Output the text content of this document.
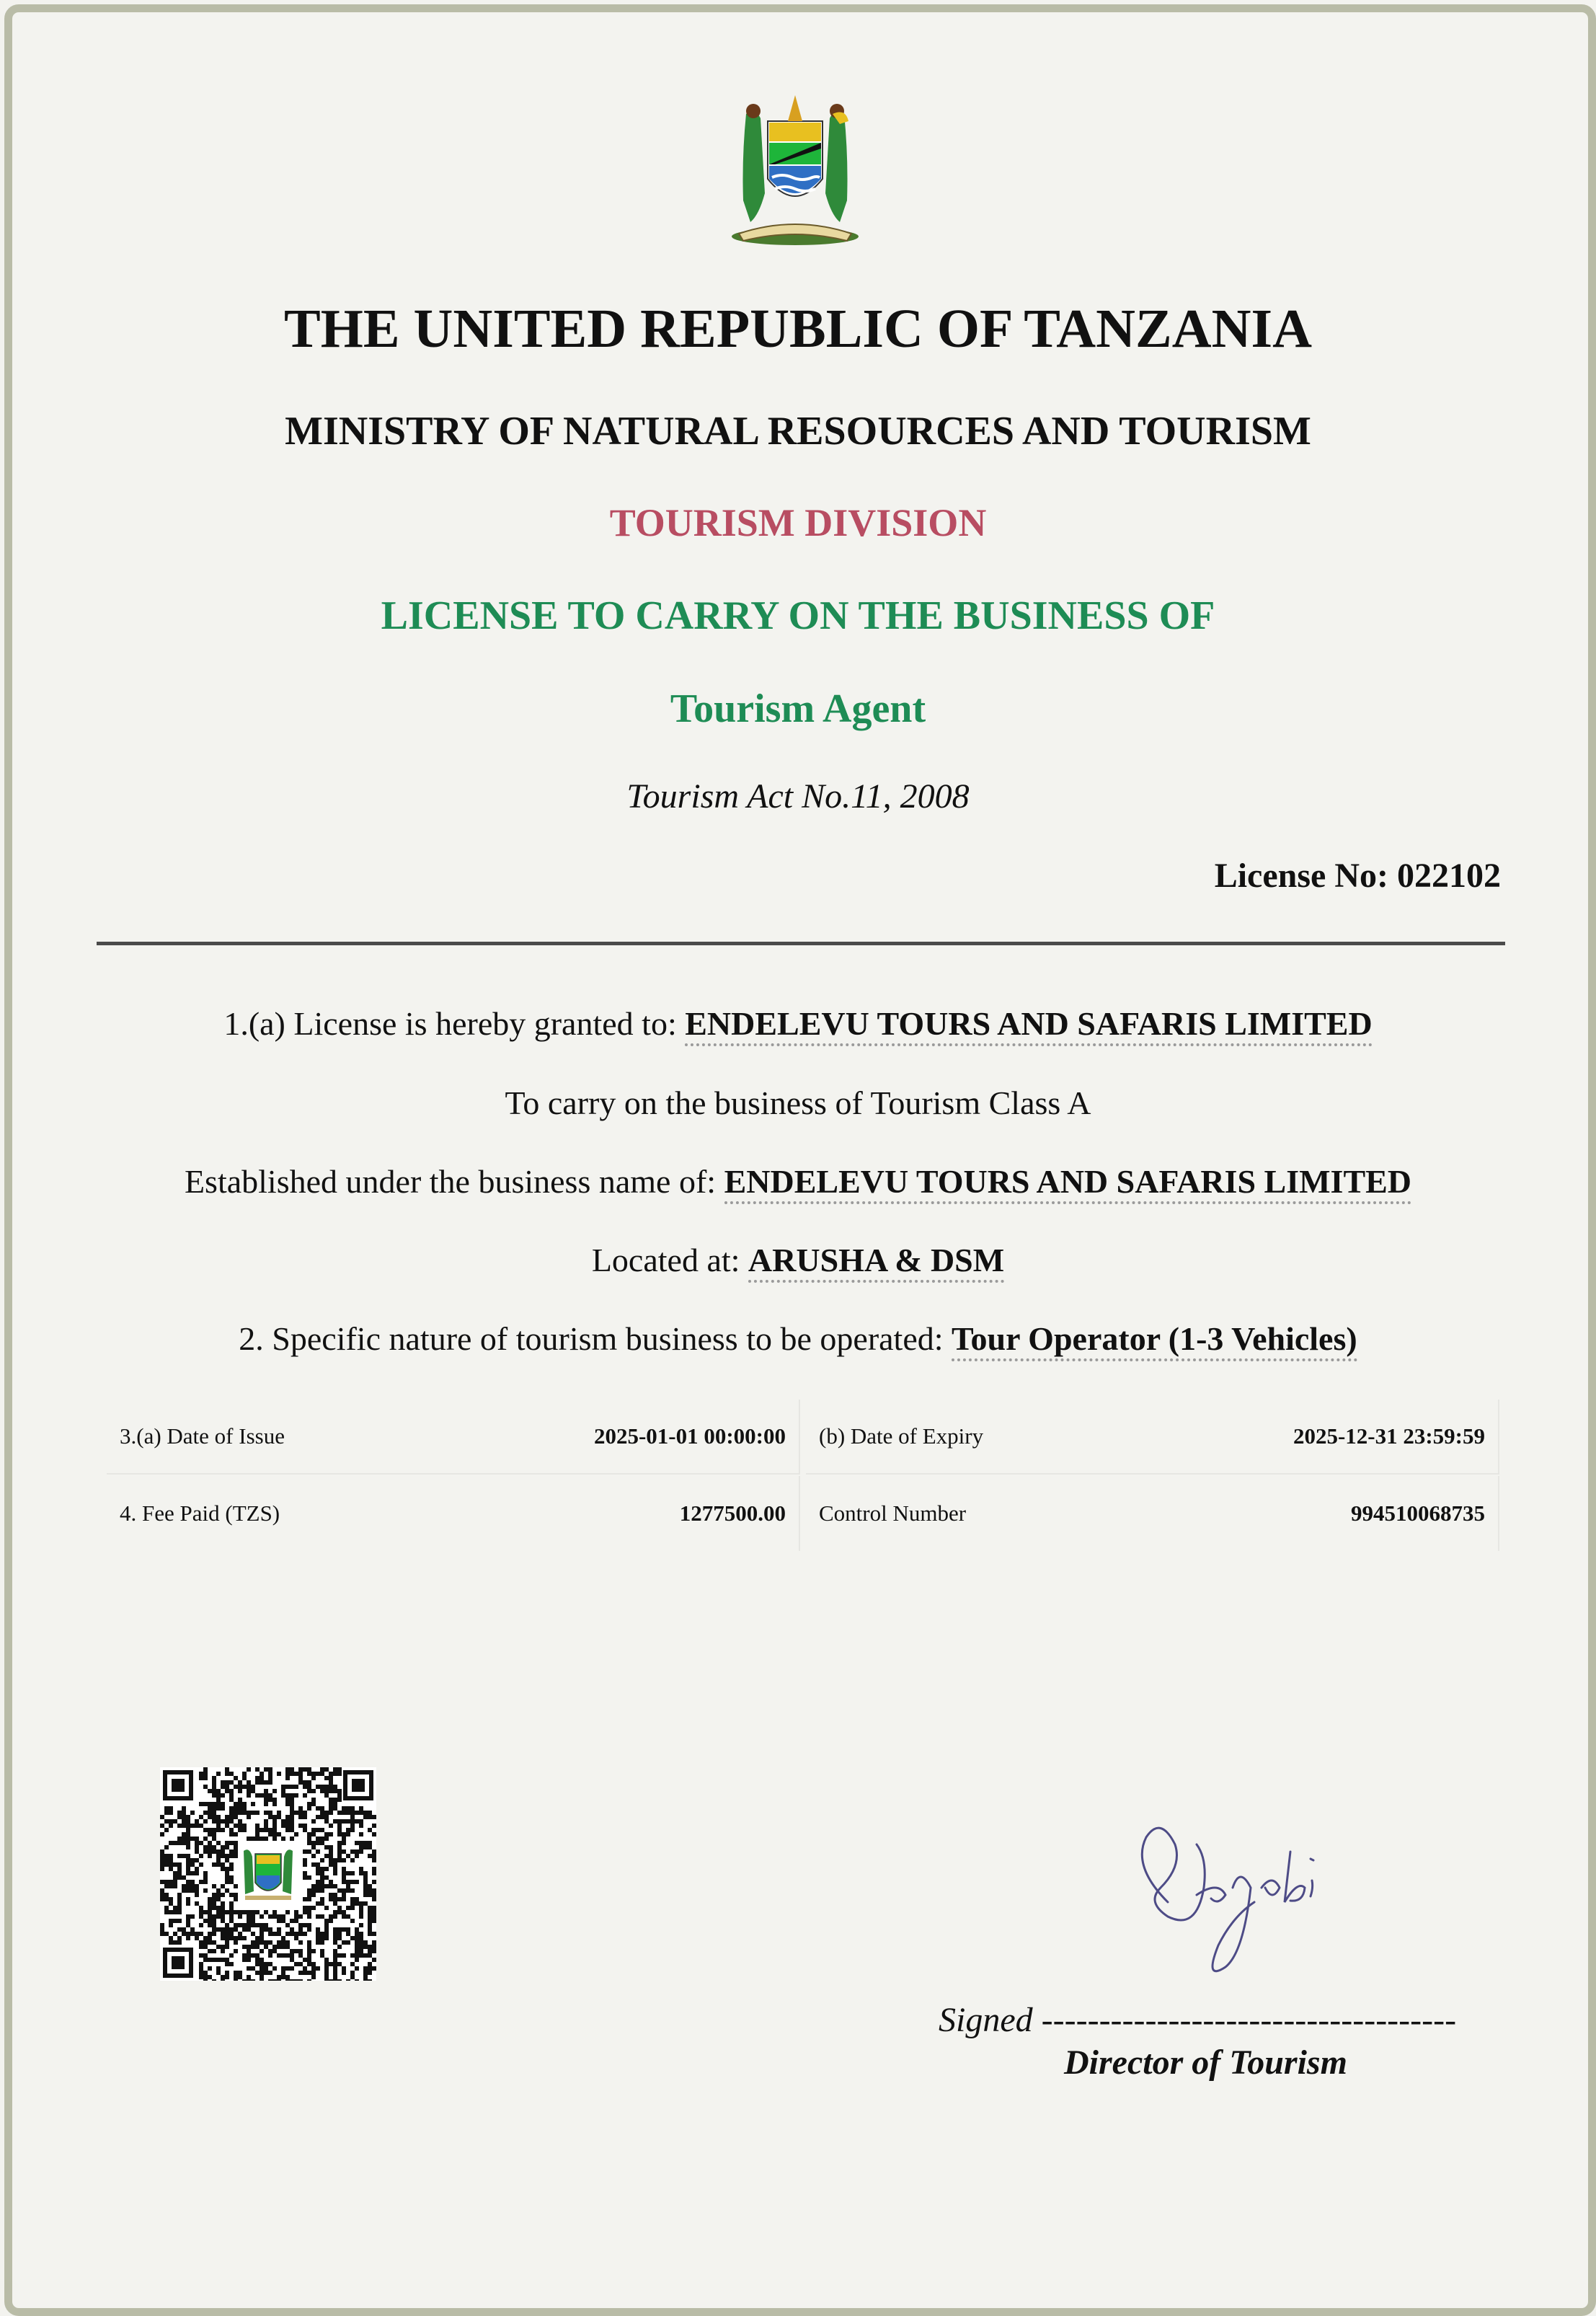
THE UNITED REPUBLIC OF TANZANIA
MINISTRY OF NATURAL RESOURCES AND TOURISM
TOURISM DIVISION
LICENSE TO CARRY ON THE BUSINESS OF
Tourism Agent
Tourism Act No.11, 2008
License No: 022102
1.(a) License is hereby granted to: ENDELEVU TOURS AND SAFARIS LIMITED
To carry on the business of Tourism Class A
Established under the business name of: ENDELEVU TOURS AND SAFARIS LIMITED
Located at: ARUSHA & DSM
2. Specific nature of tourism business to be operated: Tour Operator (1-3 Vehicles)
3.(a) Date of Issue	2025-01-01 00:00:00 (b) Date of Expiry	2025-12-31 23:59:59
4. Fee Paid (TZS)	1277500.00 Control Number	994510068735
Signed ------------------------------------
Director of Tourism
